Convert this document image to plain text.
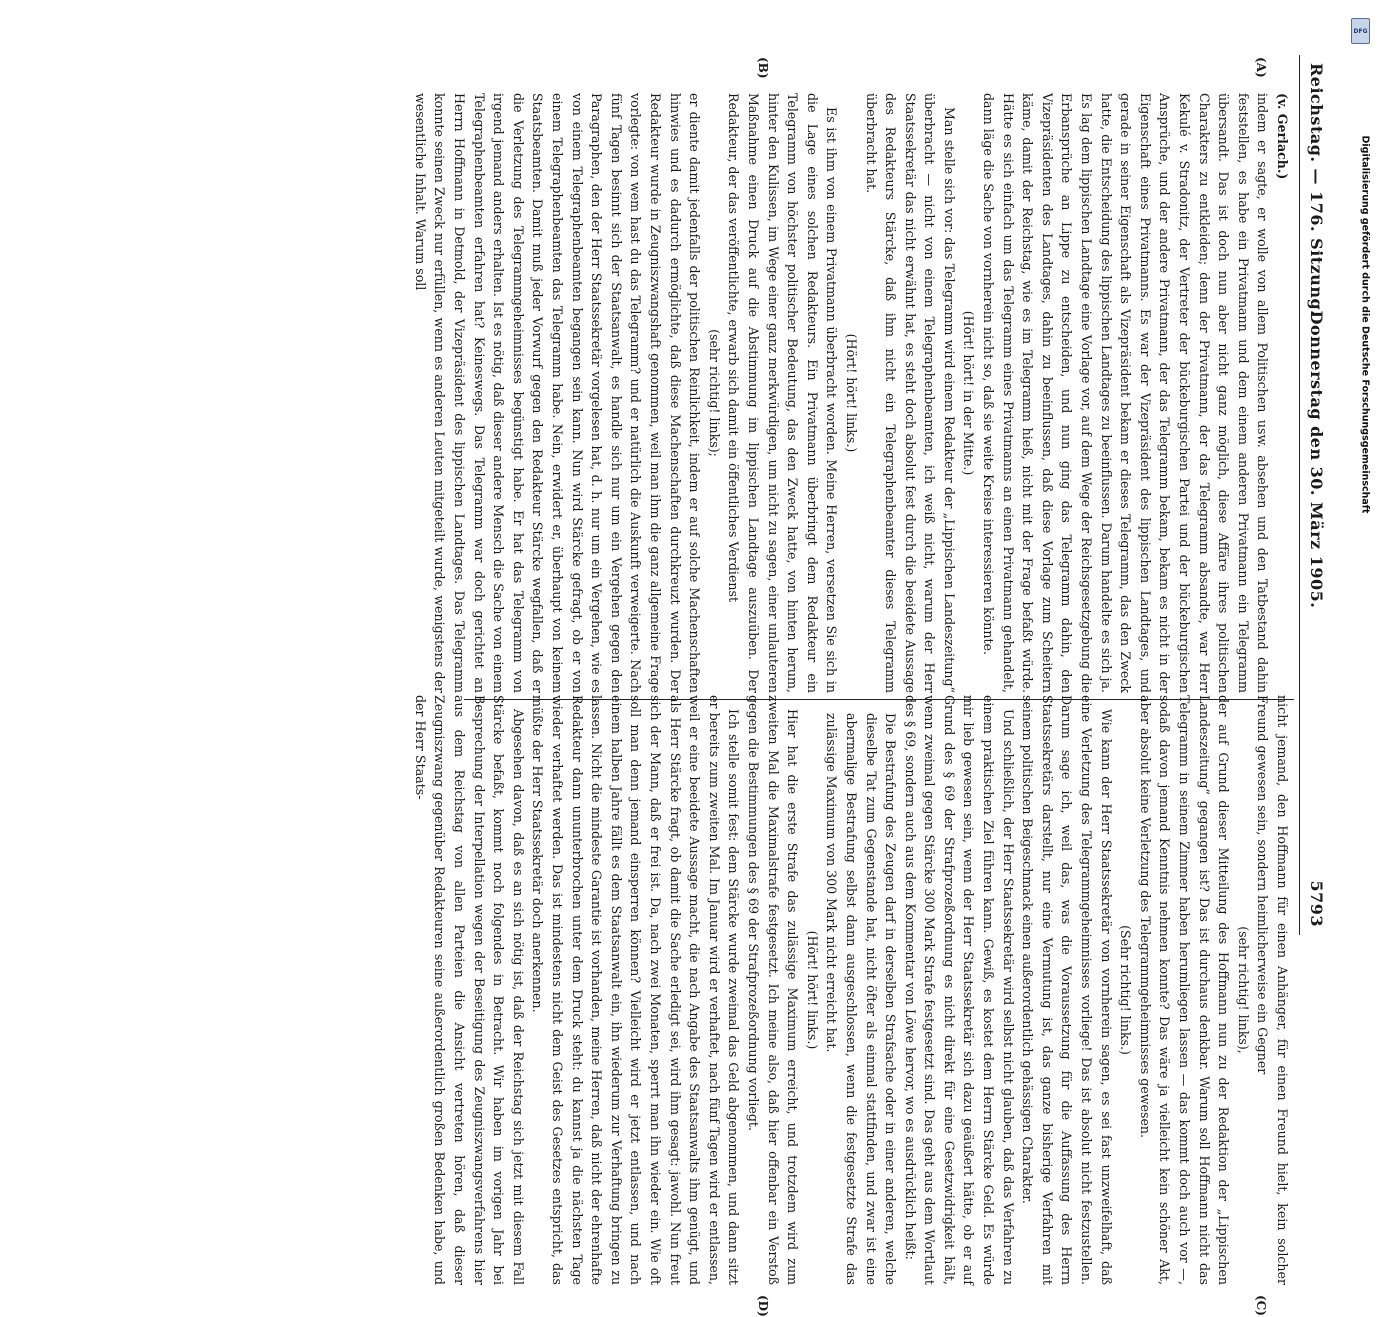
Reichstag. — 176. Sitzung.
Donnerstag den 30. März 1905.  5793
(A)
(B)
(C)
(D)

(v. Gerlach.)

indem er sagte, er wolle von allem Politischen usw. absehen und den Tatbestand dahin feststellen, es habe ein Privatmann und dem einem anderen Privatmann ein Telegramm übersandt. Das ist doch nun aber nicht ganz möglich, diese Affäre ihres politischen Charakters zu entkleiden; denn der Privatmann, der das Telegramm absandte, war Herr Kekulé v. Stradonitz, der Vertreter der bückeburgischen Partei und der bückeburgischen Ansprüche, und der andere Privatmann, der das Telegramm bekam, bekam es nicht in der Eigenschaft eines Privatmanns. Es war der Vizepräsident des lippischen Landtages, und gerade in seiner Eigenschaft als Vizepräsident bekam er dieses Telegramm, das den Zweck hatte, die Entscheidung des lippischen Landtages zu beeinflussen. Darum handelte es sich ja. Es lag dem lippischen Landtage eine Vorlage vor, auf dem Wege der Reichsgesetzgebung die Erbansprüche an Lippe zu entscheiden, und nun ging das Telegramm dahin, den Vizepräsidenten des Landtages, dahin zu beeinflussen, daß diese Vorlage zum Scheitern käme, damit der Reichstag, wie es im Telegramm hieß, nicht mit der Frage befaßt würde. Hätte es sich einfach um das Telegramm eines Privatmanns an einen Privatmann gehandelt, dann läge die Sache von vornherein nicht so, daß sie weite Kreise interessieren könnte.

(Hört! hört! in der Mitte.)

Man stelle sich vor: das Telegramm wird einem Redakteur der „Lippischen Landeszeitung“ überbracht — nicht von einem Telegraphenbeamten, ich weiß nicht, warum der Herr Staatssekretär das nicht erwähnt hat, es steht doch absolut fest durch die beeidete Aussage des Redakteurs Stärcke, daß ihm nicht ein Telegraphenbeamter dieses Telegramm überbracht hat.

(Hört! hört! links.)

Es ist ihm von einem Privatmann überbracht worden. Meine Herren, versetzen Sie sich in die Lage eines solchen Redakteurs. Ein Privatmann überbringt dem Redakteur ein Telegramm von höchster politischer Bedeutung, das den Zweck hatte, von hinten herum, hinter den Kulissen, im Wege einer ganz merkwürdigen, um nicht zu sagen, einer unlauteren Maßnahme einen Druck auf die Abstimmung im lippischen Landtage auszuüben. Der Redakteur, der das veröffentlichte, erwarb sich damit ein öffentliches Verdienst

(sehr richtig! links);

er diente damit jedenfalls der politischen Reinlichkeit, indem er auf solche Machenschaften hinwies und es dadurch ermöglichte, daß diese Machenschaften durchkreuzt wurden. Der Redakteur wurde in Zeugniszwangshaft genommen, weil man ihm die ganz allgemeine Frage vorlegte: von wem hast du das Telegramm? und er natürlich die Auskunft verweigerte. Nach fünf Tagen besinnt sich der Staatsanwalt, es handle sich nur um ein Vergehen gegen den Paragraphen, den der Herr Staatssekretär vorgelesen hat, d. h. nur um ein Vergehen, wie es von einem Telegraphenbeamten begangen sein kann. Nun wird Stärcke gefragt, ob er von einem Telegraphenbeamten das Telegramm habe. Nein, erwidert er, überhaupt von keinem Staatsbeamten. Damit muß jeder Vorwurf gegen den Redakteur Stärcke wegfallen, daß er die Verletzung des Telegrammgeheimnisses begünstigt habe. Er hat das Telegramm von irgend jemand anders erhalten. Ist es nötig, daß dieser andere Mensch die Sache von einem Telegraphenbeamten erfahren hat? Keineswegs. Das Telegramm war doch gerichtet an Herrn Hoffmann in Detmold, der Vizepräsident des lippischen Landtages. Das Telegramm konnte seinen Zweck nur erfüllen, wenn es anderen Leuten mitgeteilt wurde, wenigstens der wesentliche Inhalt. Warum soll

nicht jemand, den Hoffmann für einen Anhänger, für einen Freund hielt, kein solcher Freund gewesen sein, sondern heimlicherweise ein Gegner

(sehr richtig! links),

der auf Grund dieser Mitteilung des Hoffmann nun zu der Redaktion der „Lippischen Landeszeitung“ gegangen ist? Das ist durchaus denkbar. Warum soll Hoffmann nicht das Telegramm in seinem Zimmer haben herumliegen lassen — das kommt doch auch vor —, sodaß davon jemand Kenntnis nehmen konnte? Das wäre ja vielleicht kein schöner Akt, aber absolut keine Verletzung des Telegrammgeheimnisses gewesen.

(Sehr richtig! links.)

Wie kann der Herr Staatssekretär von vornherein sagen, es sei fast unzweifelhaft, daß eine Verletzung des Telegrammgeheimnisses vorliege! Das ist absolut nicht festzustellen. Darum sage ich, weil das, was die Voraussetzung für die Auffassung des Herrn Staatssekretärs darstellt, nur eine Vermutung ist, das ganze bisherige Verfahren mit seinem politischen Beigeschmack einen außerordentlich gehässigen Charakter.

Und schließlich, der Herr Staatssekretär wird selbst nicht glauben, daß das Verfahren zu einem praktischen Ziel führen kann. Gewiß, es kostet dem Herrn Stärcke Geld. Es würde mir lieb gewesen sein, wenn der Herr Staatssekretär sich dazu geäußert hätte, ob er auf Grund des § 69 der Strafprozeßordnung es nicht direkt für eine Gesetzwidrigkeit hält, wenn zweimal gegen Stärcke 300 Mark Strafe festgesetzt sind. Das geht aus dem Wortlaut des § 69, sondern auch aus dem Kommentar von Löwe hervor, wo es ausdrücklich heißt:

Die Bestrafung des Zeugen darf in derselben Strafsache oder in einer anderen, welche dieselbe Tat zum Gegenstande hat, nicht öfter als einmal stattfinden, und zwar ist eine abermalige Bestrafung selbst dann ausgeschlossen, wenn die festgesetzte Strafe das zulässige Maximum von 300 Mark nicht erreicht hat.

(Hört! hört! links.)

Hier hat die erste Strafe das zulässige Maximum erreicht, und trotzdem wird zum zweiten Mal die Maximalstrafe festgesetzt. Ich meine also, daß hier offenbar ein Verstoß gegen die Bestimmungen des § 69 der Strafprozeßordnung vorliegt.

Ich stelle somit fest: dem Stärcke wurde zweimal das Geld abgenommen, und dann sitzt er bereits zum zweiten Mal. Im Januar wird er verhaftet, nach fünf Tagen wird er entlassen, weil er eine beeidete Aussage macht, die nach Angabe des Staatsanwalts ihm genügt, und als Herr Stärcke fragt, ob damit die Sache erledigt sei, wird ihm gesagt: jawohl. Nun freut sich der Mann, daß er frei ist. Da, nach zwei Monaten, sperrt man ihn wieder ein. Wie oft soll man denn jemand einsperren können? Vielleicht wird er jetzt entlassen, und nach einem halben Jahre fällt es dem Staatsanwalt ein, ihn wiederum zur Verhaftung bringen zu lassen. Nicht die mindeste Garantie ist vorhanden, meine Herren, daß nicht der ehrenhafte Redakteur dann ununterbrochen unter dem Druck steht: du kannst ja die nächsten Tage wieder verhaftet werden. Das ist mindestens nicht dem Geist des Gesetzes entspricht, das müßte der Herr Staatssekretär doch anerkennen.

Abgesehen davon, daß es an sich nötig ist, daß der Reichstag sich jetzt mit diesem Fall Stärcke befaßt, kommt noch folgendes in Betracht. Wir haben im vorigen Jahr bei Besprechung der Interpellation wegen der Beseitigung des Zeugniszwangsverfahrens hier aus dem Reichstag von allen Parteien die Ansicht vertreten hören, daß dieser Zeugniszwang gegenüber Redakteuren seine außerordentlich großen Bedenken habe, und der Herr Staats-

DFG
Digitalisierung gefördert durch die Deutsche Forschungsgemeinschaft
